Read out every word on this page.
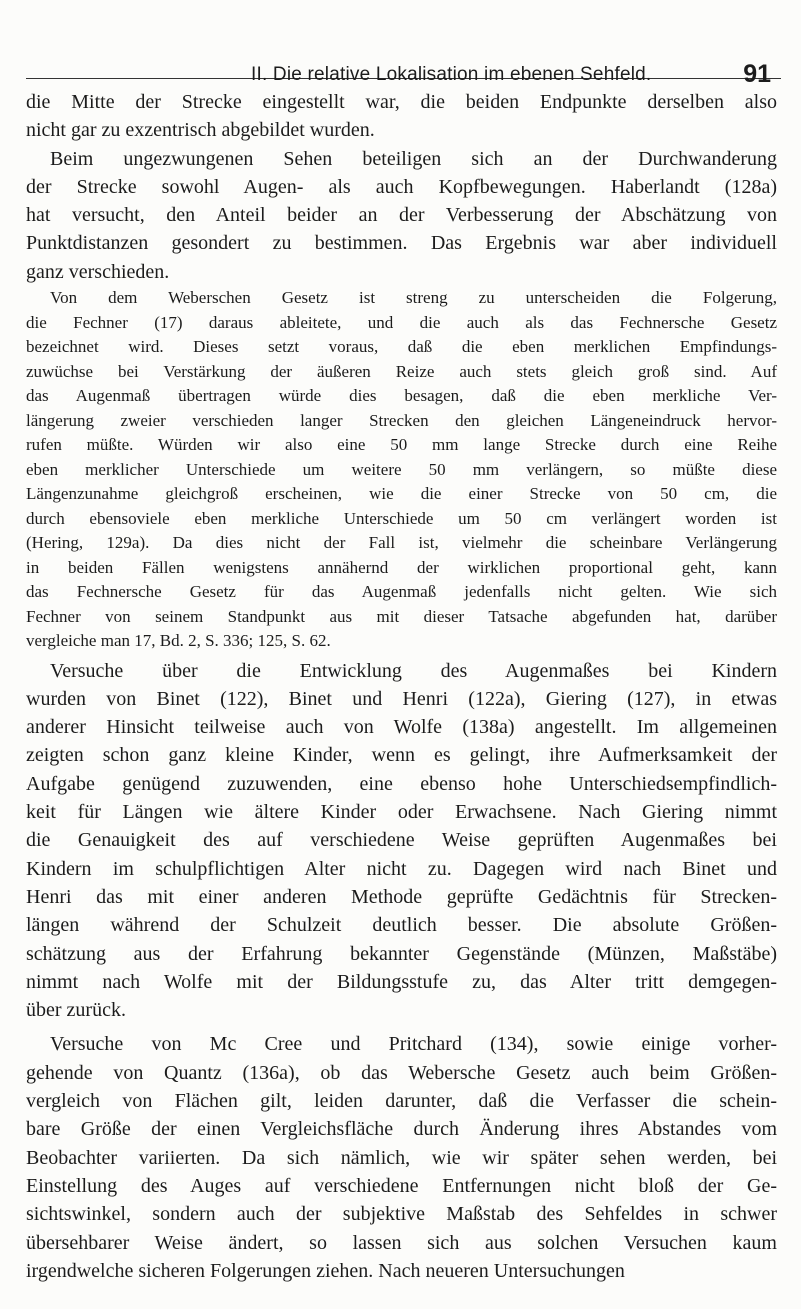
II. Die relative Lokalisation im ebenen Sehfeld.	91
die Mitte der Strecke eingestellt war, die beiden Endpunkte derselben also
nicht gar zu exzentrisch abgebildet wurden.
Beim ungezwungenen Sehen beteiligen sich an der Durchwanderung
der Strecke sowohl Augen- als auch Kopfbewegungen. Haberlandt (128a)
hat versucht, den Anteil beider an der Verbesserung der Abschätzung von
Punktdistanzen gesondert zu bestimmen. Das Ergebnis war aber individuell
ganz verschieden.
Von dem Weberschen Gesetz ist streng zu unterscheiden die Folgerung,
die Fechner (17) daraus ableitete, und die auch als das Fechnersche Gesetz
bezeichnet wird. Dieses setzt voraus, daß die eben merklichen Empfindungs-
zuwüchse bei Verstärkung der äußeren Reize auch stets gleich groß sind. Auf
das Augenmaß übertragen würde dies besagen, daß die eben merkliche Ver-
längerung zweier verschieden langer Strecken den gleichen Längeneindruck hervor-
rufen müßte. Würden wir also eine 50 mm lange Strecke durch eine Reihe
eben merklicher Unterschiede um weitere 50 mm verlängern, so müßte diese
Längenzunahme gleichgroß erscheinen, wie die einer Strecke von 50 cm, die
durch ebensoviele eben merkliche Unterschiede um 50 cm verlängert worden ist
(Hering, 129a). Da dies nicht der Fall ist, vielmehr die scheinbare Verlängerung
in beiden Fällen wenigstens annähernd der wirklichen proportional geht, kann
das Fechnersche Gesetz für das Augenmaß jedenfalls nicht gelten. Wie sich
Fechner von seinem Standpunkt aus mit dieser Tatsache abgefunden hat, darüber
vergleiche man 17, Bd. 2, S. 336; 125, S. 62.
Versuche über die Entwicklung des Augenmaßes bei Kindern
wurden von Binet (122), Binet und Henri (122a), Giering (127), in etwas
anderer Hinsicht teilweise auch von Wolfe (138a) angestellt. Im allgemeinen
zeigten schon ganz kleine Kinder, wenn es gelingt, ihre Aufmerksamkeit der
Aufgabe genügend zuzuwenden, eine ebenso hohe Unterschiedsempfindlich-
keit für Längen wie ältere Kinder oder Erwachsene. Nach Giering nimmt
die Genauigkeit des auf verschiedene Weise geprüften Augenmaßes bei
Kindern im schulpflichtigen Alter nicht zu. Dagegen wird nach Binet und
Henri das mit einer anderen Methode geprüfte Gedächtnis für Strecken-
längen während der Schulzeit deutlich besser. Die absolute Größen-
schätzung aus der Erfahrung bekannter Gegenstände (Münzen, Maßstäbe)
nimmt nach Wolfe mit der Bildungsstufe zu, das Alter tritt demgegen-
über zurück.
Versuche von Mc Cree und Pritchard (134), sowie einige vorher-
gehende von Quantz (136a), ob das Webersche Gesetz auch beim Größen-
vergleich von Flächen gilt, leiden darunter, daß die Verfasser die schein-
bare Größe der einen Vergleichsfläche durch Änderung ihres Abstandes vom
Beobachter variierten. Da sich nämlich, wie wir später sehen werden, bei
Einstellung des Auges auf verschiedene Entfernungen nicht bloß der Ge-
sichtswinkel, sondern auch der subjektive Maßstab des Sehfeldes in schwer
übersehbarer Weise ändert, so lassen sich aus solchen Versuchen kaum
irgendwelche sicheren Folgerungen ziehen. Nach neueren Untersuchungen
